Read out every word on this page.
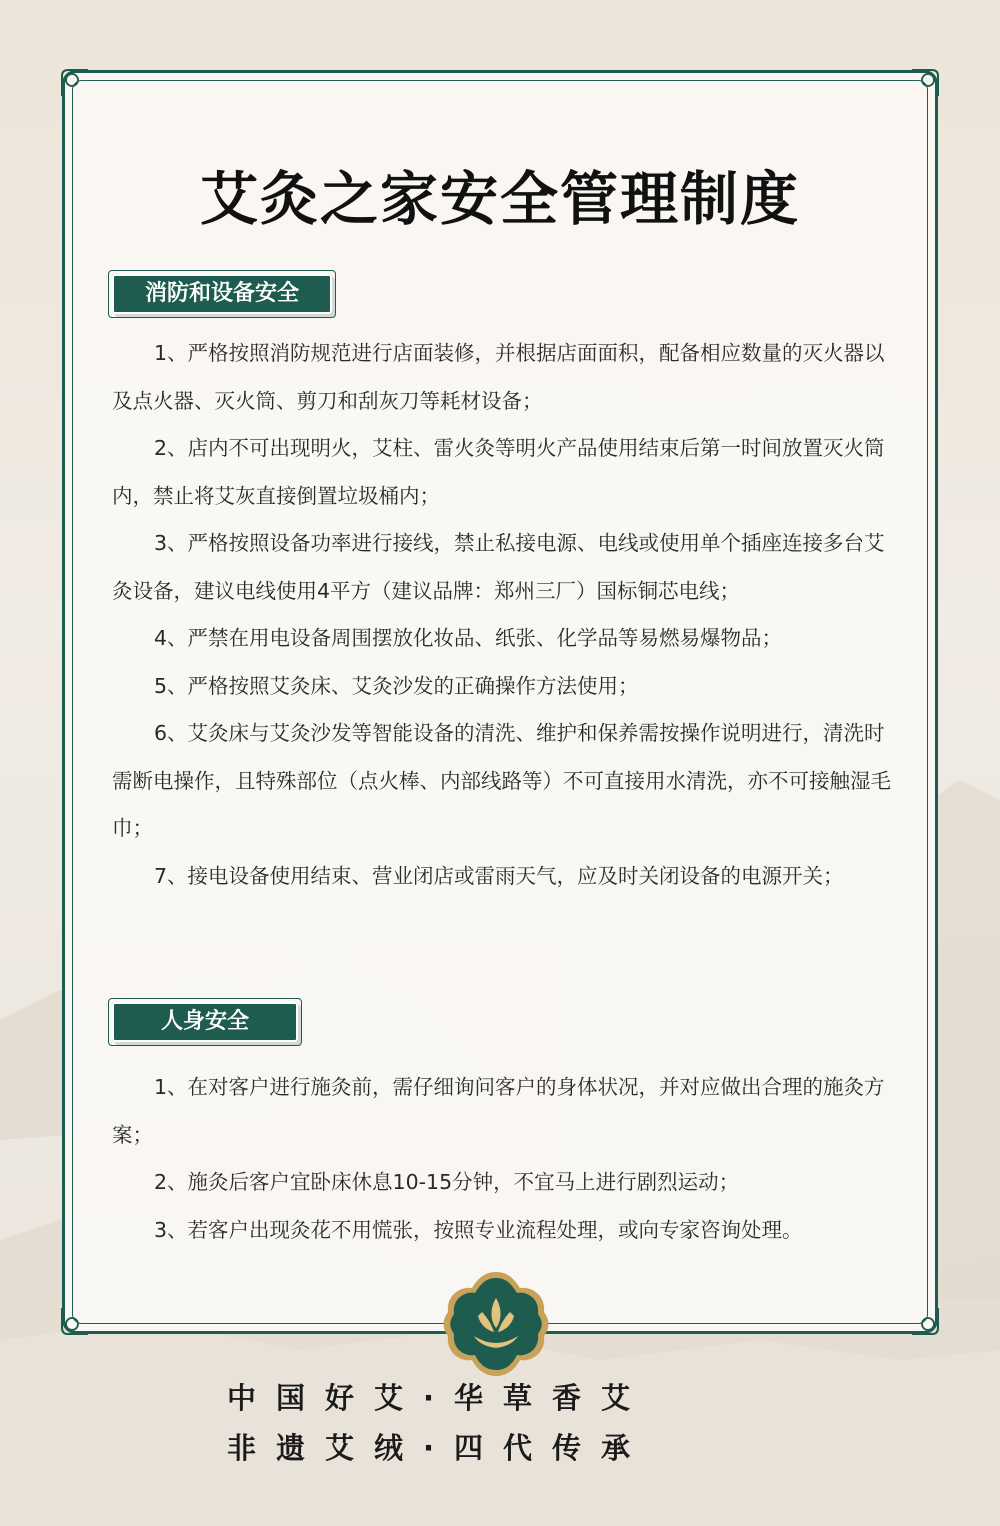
艾灸之家安全管理制度
消防和设备安全

1、严格按照消防规范进行店面装修，并根据店面面积，配备相应数量的灭火器以及点火器、灭火筒、剪刀和刮灰刀等耗材设备；

2、店内不可出现明火，艾柱、雷火灸等明火产品使用结束后第一时间放置灭火筒内，禁止将艾灰直接倒置垃圾桶内；

3、严格按照设备功率进行接线，禁止私接电源、电线或使用单个插座连接多台艾灸设备，建议电线使用4平方（建议品牌：郑州三厂）国标铜芯电线；

4、严禁在用电设备周围摆放化妆品、纸张、化学品等易燃易爆物品；

5、严格按照艾灸床、艾灸沙发的正确操作方法使用；

6、艾灸床与艾灸沙发等智能设备的清洗、维护和保养需按操作说明进行，清洗时需断电操作，且特殊部位（点火棒、内部线路等）不可直接用水清洗，亦不可接触湿毛巾；

7、接电设备使用结束、营业闭店或雷雨天气，应及时关闭设备的电源开关；

人身安全

1、在对客户进行施灸前，需仔细询问客户的身体状况，并对应做出合理的施灸方案；

2、施灸后客户宜卧床休息10-15分钟，不宜马上进行剧烈运动；

3、若客户出现灸花不用慌张，按照专业流程处理，或向专家咨询处理。

中国好艾·华草香艾
非遗艾绒·四代传承
